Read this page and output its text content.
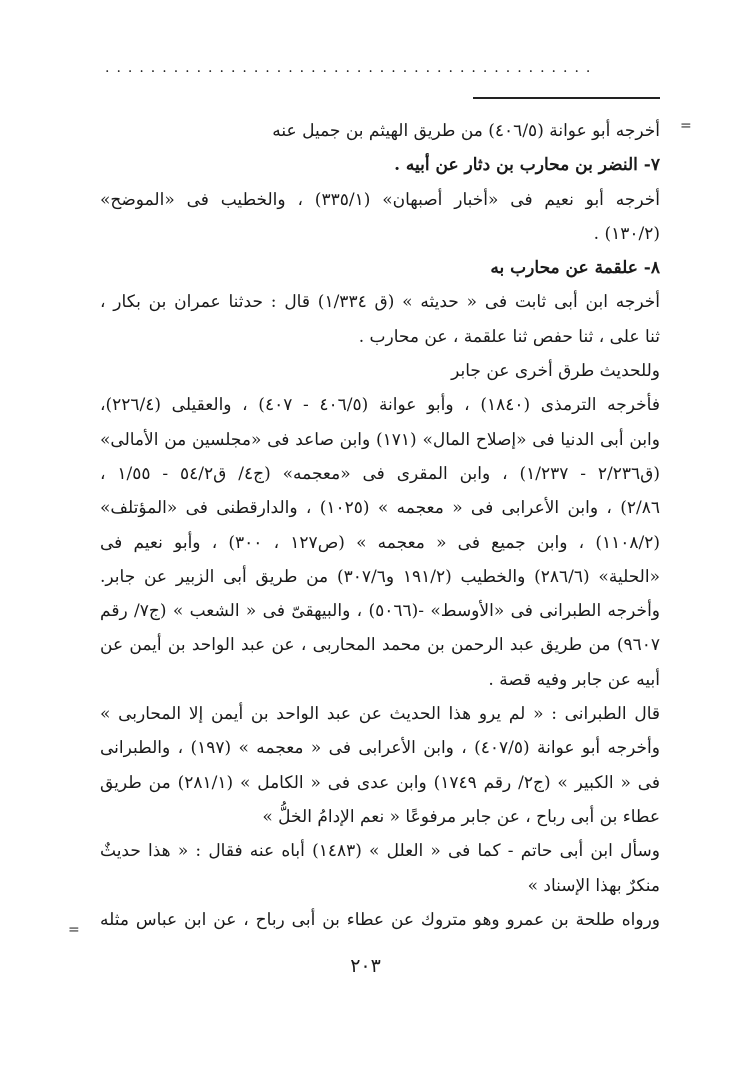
...........................................
=
=
أخرجه أبو عوانة (٤٠٦/٥) من طريق الهيثم بن جميل عنه
٧- النضر بن محارب بن دثار عن أبيه .
أخرجه أبو نعيم فى «أخبار أصبهان» (٣٣٥/١) ، والخطيب فى «الموضح»
(١٣٠/٢) .
٨- علقمة عن محارب به
أخرجه ابن أبى ثابت فى « حديثه » (ق ١/٣٣٤) قال : حدثنا عمران بن بكار ،
ثنا على ، ثنا حفص ثنا علقمة ، عن محارب .
وللحديث طرق أخرى عن جابر
فأخرجه الترمذى (١٨٤٠) ، وأبو عوانة (٤٠٦/٥ - ٤٠٧) ، والعقيلى (٢٢٦/٤)،
وابن أبى الدنيا فى «إصلاح المال» (١٧١) وابن صاعد فى «مجلسين من الأمالى»
(ق٢/٢٣٦ - ١/٢٣٧) ، وابن المقرى فى «معجمه» (ج٤/ ق٥٤/٢ - ١/٥٥ ،
٢/٨٦) ، وابن الأعرابى فى « معجمه » (١٠٢٥) ، والدارقطنى فى «المؤتلف»
(١١٠٨/٢) ، وابن جميع فى « معجمه » (ص١٢٧ ، ٣٠٠) ، وأبو نعيم فى
«الحلية» (٢٨٦/٦) والخطيب (١٩١/٢ و٣٠٧/٦) من طريق أبى الزبير عن جابر.
وأخرجه الطبرانى فى «الأوسط» -(٥٠٦٦) ، والبيهقىّ فى « الشعب » (ج٧/ رقم
٩٦٠٧) من طريق عبد الرحمن بن محمد المحاربى ، عن عبد الواحد بن أيمن عن
أبيه عن جابر وفيه قصة .
قال الطبرانى : « لم يرو هذا الحديث عن عبد الواحد بن أيمن إلا المحاربى »
وأخرجه أبو عوانة (٤٠٧/٥) ، وابن الأعرابى فى « معجمه » (١٩٧) ، والطبرانى
فى « الكبير » (ج٢/ رقم ١٧٤٩) وابن عدى فى « الكامل » (٢٨١/١) من طريق
عطاء بن أبى رباح ، عن جابر مرفوعًا « نعم الإدامُ الخلُّ »
وسأل ابن أبى حاتم - كما فى « العلل » (١٤٨٣) أباه عنه فقال : « هذا حديثٌ
منكرٌ بهذا الإسناد »
ورواه طلحة بن عمرو وهو متروك عن عطاء بن أبى رباح ، عن ابن عباس مثله
٢٠٣
